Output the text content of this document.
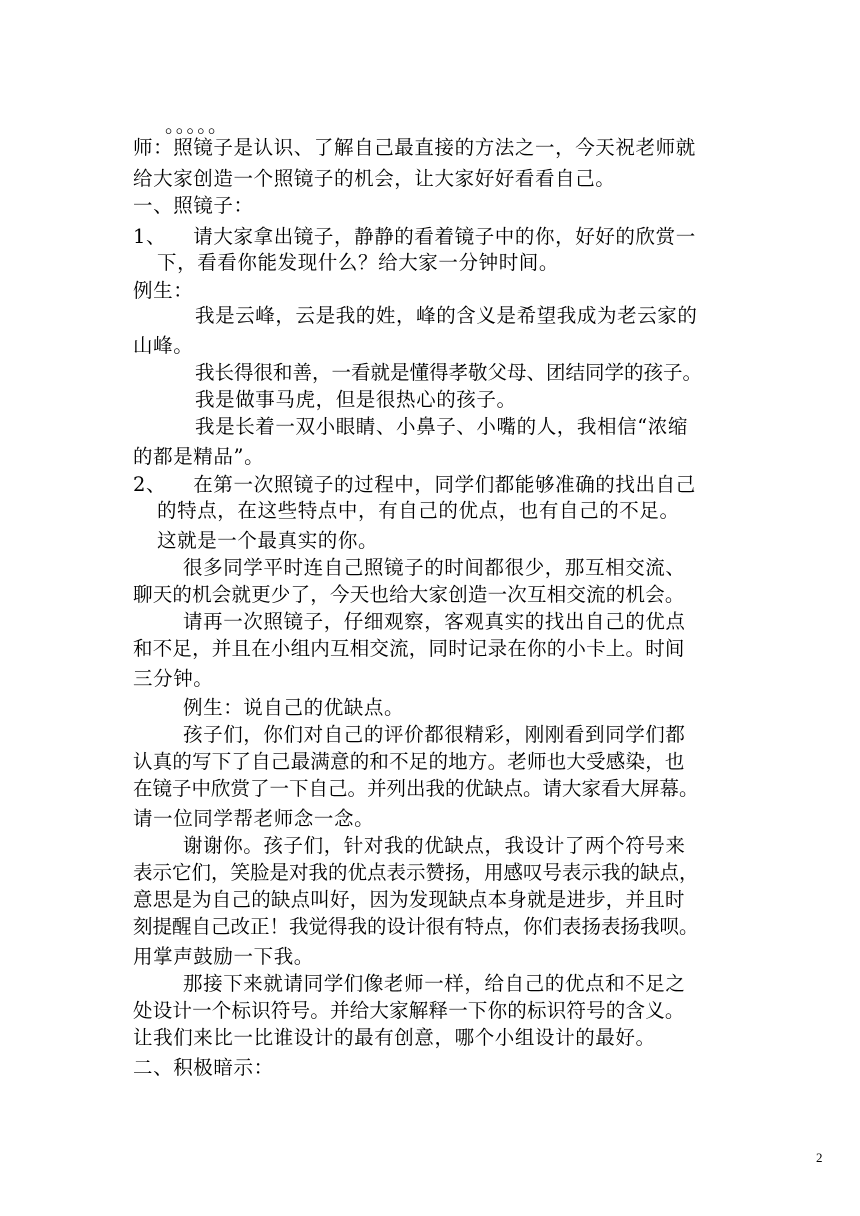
。。。。。
师：照镜子是认识、了解自己最直接的方法之一，今天祝老师就
给大家创造一个照镜子的机会，让大家好好看看自己。
一、照镜子：
1、    请大家拿出镜子，静静的看着镜子中的你，好好的欣赏一
下，看看你能发现什么？给大家一分钟时间。
例生：
我是云峰，云是我的姓，峰的含义是希望我成为老云家的
山峰。
我长得很和善，一看就是懂得孝敬父母、团结同学的孩子。
我是做事马虎，但是很热心的孩子。
我是长着一双小眼睛、小鼻子、小嘴的人，我相信“浓缩
的都是精品”。
2、    在第一次照镜子的过程中，同学们都能够准确的找出自己
的特点，在这些特点中，有自己的优点，也有自己的不足。
这就是一个最真实的你。
很多同学平时连自己照镜子的时间都很少，那互相交流、
聊天的机会就更少了，今天也给大家创造一次互相交流的机会。
请再一次照镜子，仔细观察，客观真实的找出自己的优点
和不足，并且在小组内互相交流，同时记录在你的小卡上。时间
三分钟。
例生：说自己的优缺点。
孩子们，你们对自己的评价都很精彩，刚刚看到同学们都
认真的写下了自己最满意的和不足的地方。老师也大受感染，也
在镜子中欣赏了一下自己。并列出我的优缺点。请大家看大屏幕。
请一位同学帮老师念一念。
谢谢你。孩子们，针对我的优缺点，我设计了两个符号来
表示它们，笑脸是对我的优点表示赞扬，用感叹号表示我的缺点，
意思是为自己的缺点叫好，因为发现缺点本身就是进步，并且时
刻提醒自己改正！我觉得我的设计很有特点，你们表扬表扬我呗。
用掌声鼓励一下我。
那接下来就请同学们像老师一样，给自己的优点和不足之
处设计一个标识符号。并给大家解释一下你的标识符号的含义。
让我们来比一比谁设计的最有创意，哪个小组设计的最好。
二、积极暗示：
2
